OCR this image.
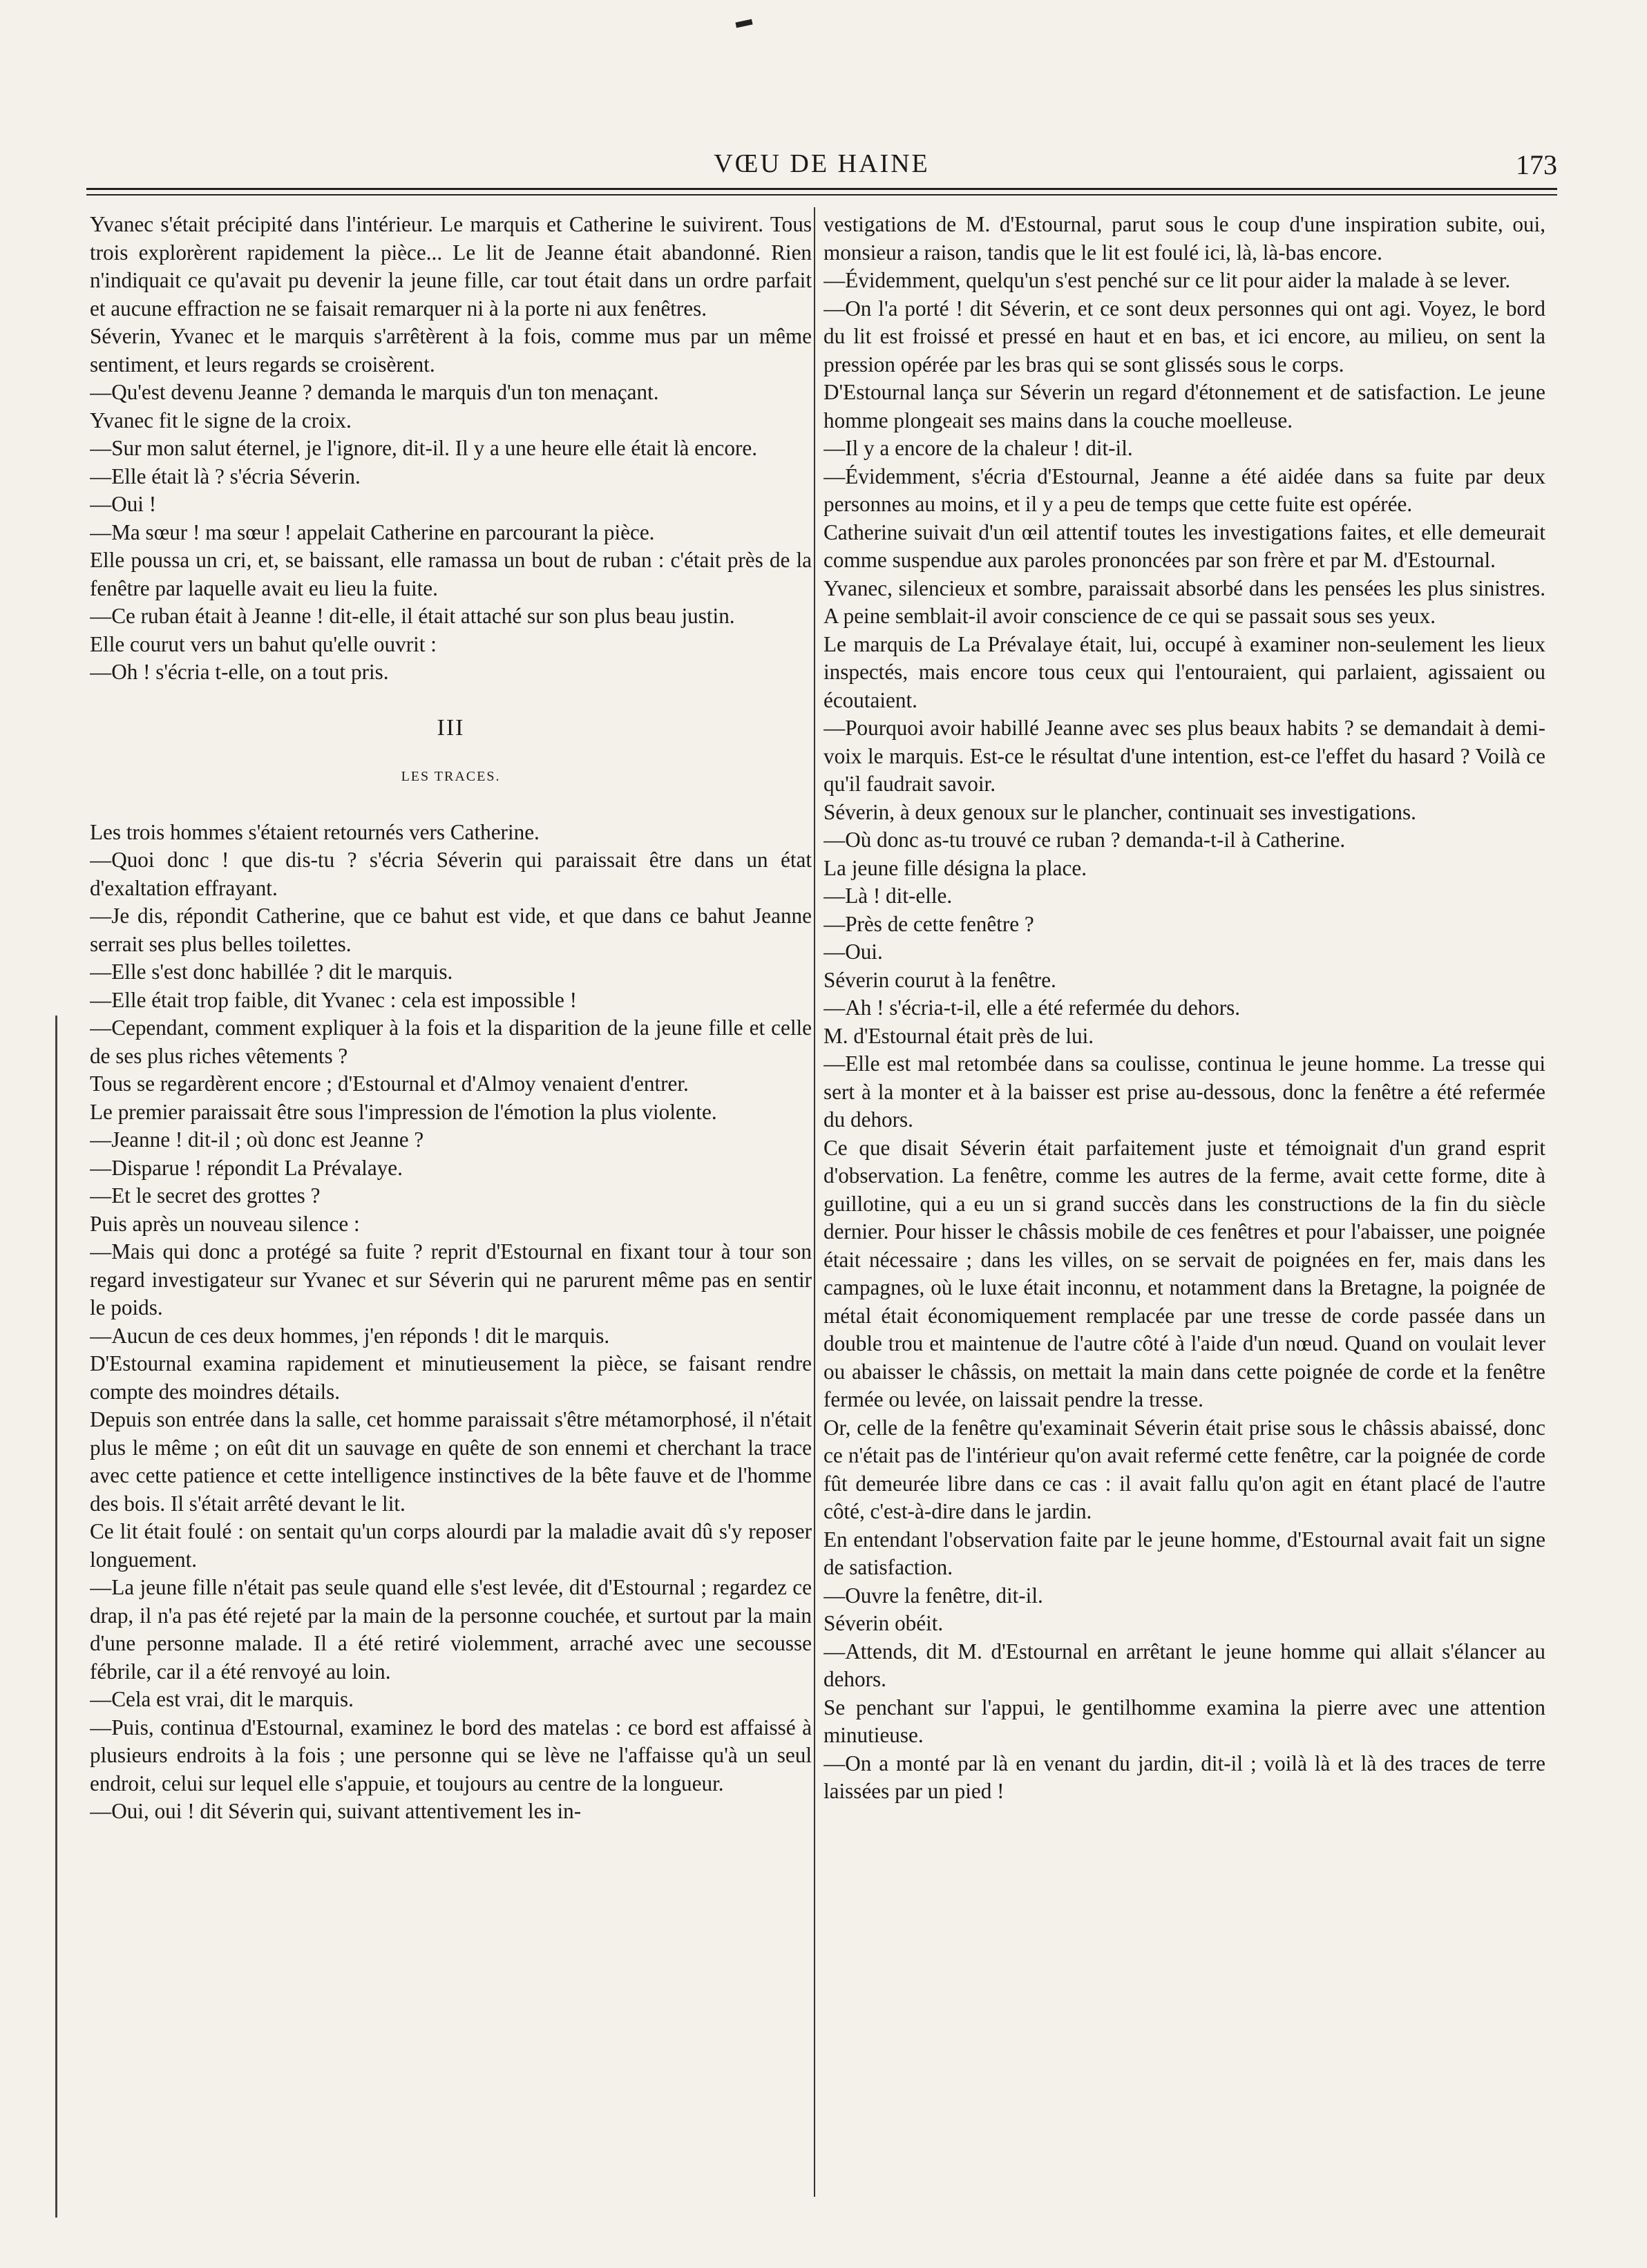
VŒU DE HAINE	173

Yvanec s'était précipité dans l'intérieur. Le marquis et Catherine le suivirent. Tous trois explorèrent rapidement la pièce... Le lit de Jeanne était abandonné. Rien n'indiquait ce qu'avait pu devenir la jeune fille, car tout était dans un ordre parfait et aucune effraction ne se faisait remarquer ni à la porte ni aux fenêtres.

Séverin, Yvanec et le marquis s'arrêtèrent à la fois, comme mus par un même sentiment, et leurs regards se croisèrent.

—Qu'est devenu Jeanne ? demanda le marquis d'un ton menaçant.

Yvanec fit le signe de la croix.

—Sur mon salut éternel, je l'ignore, dit-il. Il y a une heure elle était là encore.

—Elle était là ? s'écria Séverin.

—Oui !

—Ma sœur ! ma sœur ! appelait Catherine en parcourant la pièce.

Elle poussa un cri, et, se baissant, elle ramassa un bout de ruban : c'était près de la fenêtre par laquelle avait eu lieu la fuite.

—Ce ruban était à Jeanne ! dit-elle, il était attaché sur son plus beau justin.

Elle courut vers un bahut qu'elle ouvrit :

—Oh ! s'écria t-elle, on a tout pris.

III
LES TRACES.

Les trois hommes s'étaient retournés vers Catherine.

—Quoi donc ! que dis-tu ? s'écria Séverin qui paraissait être dans un état d'exaltation effrayant.

—Je dis, répondit Catherine, que ce bahut est vide, et que dans ce bahut Jeanne serrait ses plus belles toilettes.

—Elle s'est donc habillée ? dit le marquis.

—Elle était trop faible, dit Yvanec : cela est impossible !

—Cependant, comment expliquer à la fois et la disparition de la jeune fille et celle de ses plus riches vêtements ?

Tous se regardèrent encore ; d'Estournal et d'Almoy venaient d'entrer.

Le premier paraissait être sous l'impression de l'émotion la plus violente.

—Jeanne ! dit-il ; où donc est Jeanne ?

—Disparue ! répondit La Prévalaye.

—Et le secret des grottes ?

Puis après un nouveau silence :

—Mais qui donc a protégé sa fuite ? reprit d'Estournal en fixant tour à tour son regard investigateur sur Yvanec et sur Séverin qui ne parurent même pas en sentir le poids.

—Aucun de ces deux hommes, j'en réponds ! dit le marquis.

D'Estournal examina rapidement et minutieusement la pièce, se faisant rendre compte des moindres détails.

Depuis son entrée dans la salle, cet homme paraissait s'être métamorphosé, il n'était plus le même ; on eût dit un sauvage en quête de son ennemi et cherchant la trace avec cette patience et cette intelligence instinctives de la bête fauve et de l'homme des bois. Il s'était arrêté devant le lit.

Ce lit était foulé : on sentait qu'un corps alourdi par la maladie avait dû s'y reposer longuement.

—La jeune fille n'était pas seule quand elle s'est levée, dit d'Estournal ; regardez ce drap, il n'a pas été rejeté par la main de la personne couchée, et surtout par la main d'une personne malade. Il a été retiré violemment, arraché avec une secousse fébrile, car il a été renvoyé au loin.

—Cela est vrai, dit le marquis.

—Puis, continua d'Estournal, examinez le bord des matelas : ce bord est affaissé à plusieurs endroits à la fois ; une personne qui se lève ne l'affaisse qu'à un seul endroit, celui sur lequel elle s'appuie, et toujours au centre de la longueur.

—Oui, oui ! dit Séverin qui, suivant attentivement les in-

vestigations de M. d'Estournal, parut sous le coup d'une inspiration subite, oui, monsieur a raison, tandis que le lit est foulé ici, là, là-bas encore.

—Évidemment, quelqu'un s'est penché sur ce lit pour aider la malade à se lever.

—On l'a porté ! dit Séverin, et ce sont deux personnes qui ont agi. Voyez, le bord du lit est froissé et pressé en haut et en bas, et ici encore, au milieu, on sent la pression opérée par les bras qui se sont glissés sous le corps.

D'Estournal lança sur Séverin un regard d'étonnement et de satisfaction. Le jeune homme plongeait ses mains dans la couche moelleuse.

—Il y a encore de la chaleur ! dit-il.

—Évidemment, s'écria d'Estournal, Jeanne a été aidée dans sa fuite par deux personnes au moins, et il y a peu de temps que cette fuite est opérée.

Catherine suivait d'un œil attentif toutes les investigations faites, et elle demeurait comme suspendue aux paroles prononcées par son frère et par M. d'Estournal.

Yvanec, silencieux et sombre, paraissait absorbé dans les pensées les plus sinistres. A peine semblait-il avoir conscience de ce qui se passait sous ses yeux.

Le marquis de La Prévalaye était, lui, occupé à examiner non-seulement les lieux inspectés, mais encore tous ceux qui l'entouraient, qui parlaient, agissaient ou écoutaient.

—Pourquoi avoir habillé Jeanne avec ses plus beaux habits ? se demandait à demi-voix le marquis. Est-ce le résultat d'une intention, est-ce l'effet du hasard ? Voilà ce qu'il faudrait savoir.

Séverin, à deux genoux sur le plancher, continuait ses investigations.

—Où donc as-tu trouvé ce ruban ? demanda-t-il à Catherine.

La jeune fille désigna la place.

—Là ! dit-elle.

—Près de cette fenêtre ?

—Oui.

Séverin courut à la fenêtre.

—Ah ! s'écria-t-il, elle a été refermée du dehors.

M. d'Estournal était près de lui.

—Elle est mal retombée dans sa coulisse, continua le jeune homme. La tresse qui sert à la monter et à la baisser est prise au-dessous, donc la fenêtre a été refermée du dehors.

Ce que disait Séverin était parfaitement juste et témoignait d'un grand esprit d'observation. La fenêtre, comme les autres de la ferme, avait cette forme, dite à guillotine, qui a eu un si grand succès dans les constructions de la fin du siècle dernier. Pour hisser le châssis mobile de ces fenêtres et pour l'abaisser, une poignée était nécessaire ; dans les villes, on se servait de poignées en fer, mais dans les campagnes, où le luxe était inconnu, et notamment dans la Bretagne, la poignée de métal était économiquement remplacée par une tresse de corde passée dans un double trou et maintenue de l'autre côté à l'aide d'un nœud. Quand on voulait lever ou abaisser le châssis, on mettait la main dans cette poignée de corde et la fenêtre fermée ou levée, on laissait pendre la tresse.

Or, celle de la fenêtre qu'examinait Séverin était prise sous le châssis abaissé, donc ce n'était pas de l'intérieur qu'on avait refermé cette fenêtre, car la poignée de corde fût demeurée libre dans ce cas : il avait fallu qu'on agit en étant placé de l'autre côté, c'est-à-dire dans le jardin.

En entendant l'observation faite par le jeune homme, d'Estournal avait fait un signe de satisfaction.

—Ouvre la fenêtre, dit-il.

Séverin obéit.

—Attends, dit M. d'Estournal en arrêtant le jeune homme qui allait s'élancer au dehors.

Se penchant sur l'appui, le gentilhomme examina la pierre avec une attention minutieuse.

—On a monté par là en venant du jardin, dit-il ; voilà là et là des traces de terre laissées par un pied !
